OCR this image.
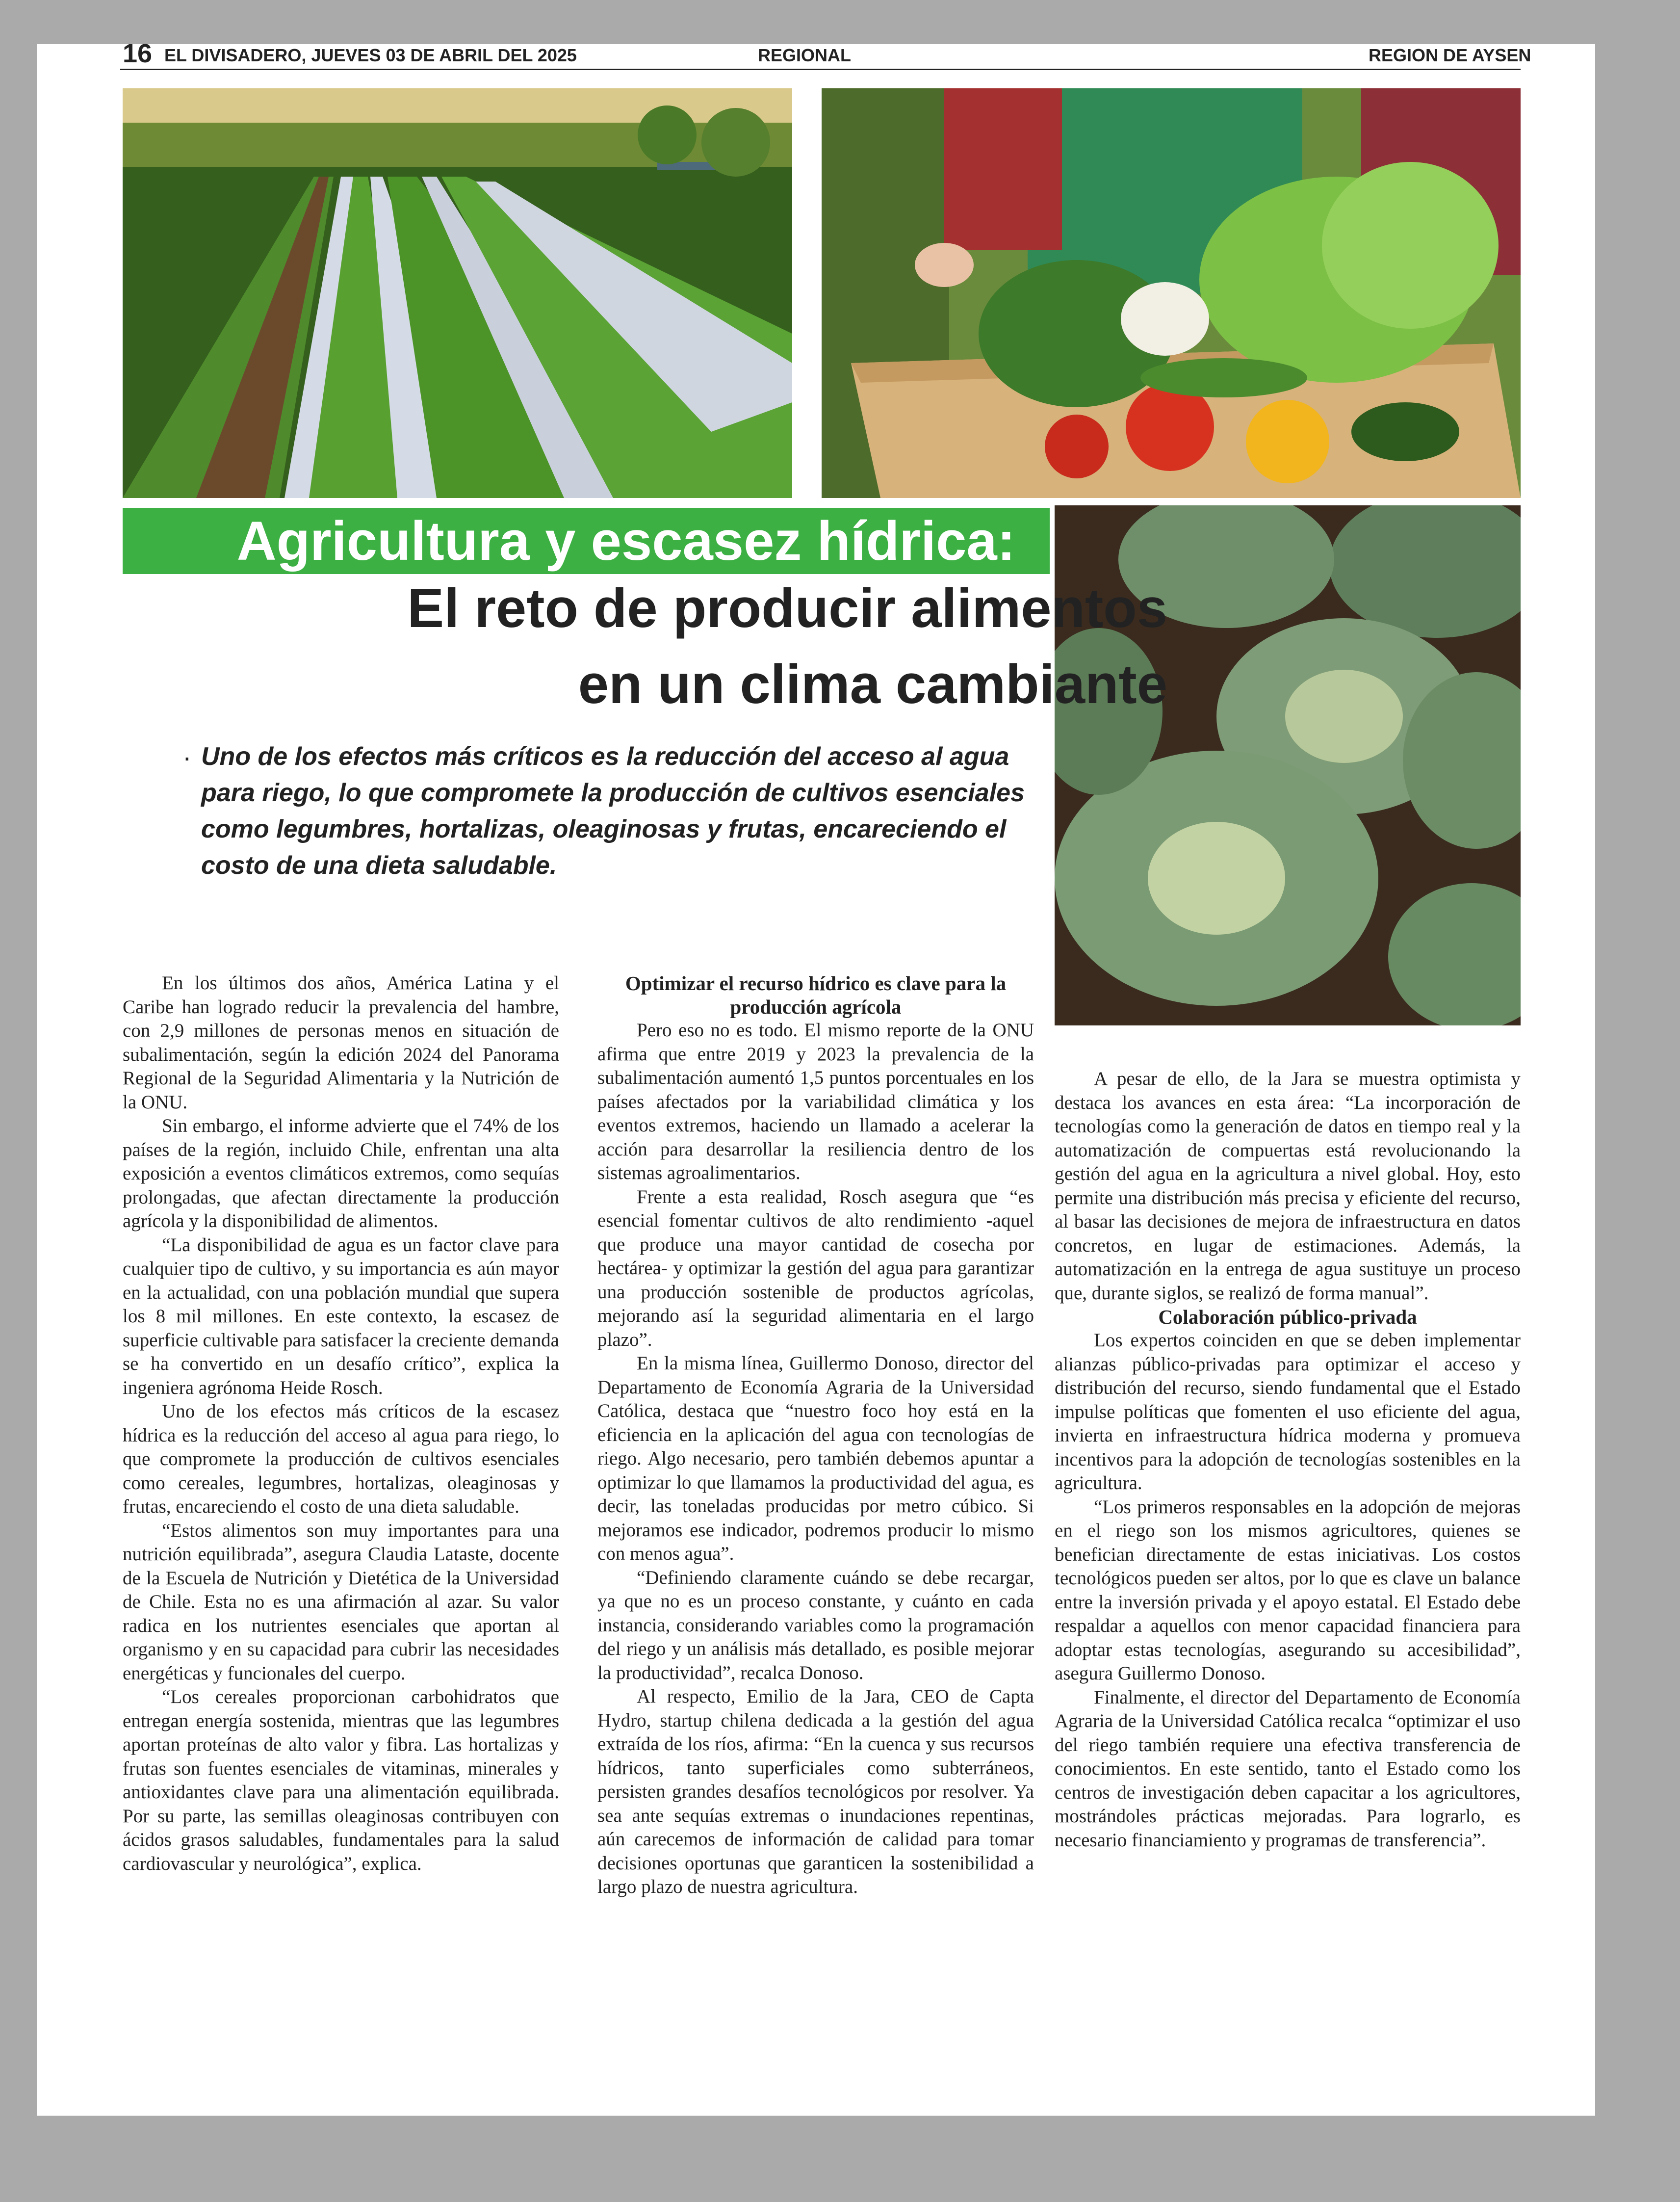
16 EL DIVISADERO, JUEVES 03 DE ABRIL DEL 2025	REGIONAL	REGION DE AYSEN
Agricultura y escasez hídrica:
El reto de producir alimentos
en un clima cambiante
· Uno de los efectos más críticos es la reducción del acceso al agua para riego, lo que compromete la producción de cultivos esenciales como legumbres, hortalizas, oleaginosas y frutas, encareciendo el costo de una dieta saludable.

En los últimos dos años, América Latina y el Caribe han logrado reducir la prevalencia del hambre, con 2,9 millones de personas menos en situación de subalimentación, según la edición 2024 del Panorama Regional de la Seguridad Alimentaria y la Nutrición de la ONU.

Sin embargo, el informe advierte que el 74% de los países de la región, incluido Chile, enfrentan una alta exposición a eventos climáticos extremos, como sequías prolongadas, que afectan directamente la producción agrícola y la disponibilidad de alimentos.

“La disponibilidad de agua es un factor clave para cualquier tipo de cultivo, y su importancia es aún mayor en la actualidad, con una población mundial que supera los 8 mil millones. En este contexto, la escasez de superficie cultivable para satisfacer la creciente demanda se ha convertido en un desafío crítico”, explica la ingeniera agrónoma Heide Rosch.

Uno de los efectos más críticos de la escasez hídrica es la reducción del acceso al agua para riego, lo que compromete la producción de cultivos esenciales como cereales, legumbres, hortalizas, oleaginosas y frutas, encareciendo el costo de una dieta saludable.

“Estos alimentos son muy importantes para una nutrición equilibrada”, asegura Claudia Lataste, docente de la Escuela de Nutrición y Dietética de la Universidad de Chile. Esta no es una afirmación al azar. Su valor radica en los nutrientes esenciales que aportan al organismo y en su capacidad para cubrir las necesidades energéticas y funcionales del cuerpo.

“Los cereales proporcionan carbohidratos que entregan energía sostenida, mientras que las legumbres aportan proteínas de alto valor y fibra. Las hortalizas y frutas son fuentes esenciales de vitaminas, minerales y antioxidantes clave para una alimentación equilibrada. Por su parte, las semillas oleaginosas contribuyen con ácidos grasos saludables, fundamentales para la salud cardiovascular y neurológica”, explica.

Optimizar el recurso hídrico es clave para la producción agrícola

Pero eso no es todo. El mismo reporte de la ONU afirma que entre 2019 y 2023 la prevalencia de la subalimentación aumentó 1,5 puntos porcentuales en los países afectados por la variabilidad climática y los eventos extremos, haciendo un llamado a acelerar la acción para desarrollar la resiliencia dentro de los sistemas agroalimentarios.

Frente a esta realidad, Rosch asegura que “es esencial fomentar cultivos de alto rendimiento -aquel que produce una mayor cantidad de cosecha por hectárea- y optimizar la gestión del agua para garantizar una producción sostenible de productos agrícolas, mejorando así la seguridad alimentaria en el largo plazo”.

En la misma línea, Guillermo Donoso, director del Departamento de Economía Agraria de la Universidad Católica, destaca que “nuestro foco hoy está en la eficiencia en la aplicación del agua con tecnologías de riego. Algo necesario, pero también debemos apuntar a optimizar lo que llamamos la productividad del agua, es decir, las toneladas producidas por metro cúbico. Si mejoramos ese indicador, podremos producir lo mismo con menos agua”.

“Definiendo claramente cuándo se debe recargar, ya que no es un proceso constante, y cuánto en cada instancia, considerando variables como la programación del riego y un análisis más detallado, es posible mejorar la productividad”, recalca Donoso.

Al respecto, Emilio de la Jara, CEO de Capta Hydro, startup chilena dedicada a la gestión del agua extraída de los ríos, afirma: “En la cuenca y sus recursos hídricos, tanto superficiales como subterráneos, persisten grandes desafíos tecnológicos por resolver. Ya sea ante sequías extremas o inundaciones repentinas, aún carecemos de información de calidad para tomar decisiones oportunas que garanticen la sostenibilidad a largo plazo de nuestra agricultura.

A pesar de ello, de la Jara se muestra optimista y destaca los avances en esta área: “La incorporación de tecnologías como la generación de datos en tiempo real y la automatización de compuertas está revolucionando la gestión del agua en la agricultura a nivel global. Hoy, esto permite una distribución más precisa y eficiente del recurso, al basar las decisiones de mejora de infraestructura en datos concretos, en lugar de estimaciones. Además, la automatización en la entrega de agua sustituye un proceso que, durante siglos, se realizó de forma manual”.

Colaboración público-privada

Los expertos coinciden en que se deben implementar alianzas público-privadas para optimizar el acceso y distribución del recurso, siendo fundamental que el Estado impulse políticas que fomenten el uso eficiente del agua, invierta en infraestructura hídrica moderna y promueva incentivos para la adopción de tecnologías sostenibles en la agricultura.

“Los primeros responsables en la adopción de mejoras en el riego son los mismos agricultores, quienes se benefician directamente de estas iniciativas. Los costos tecnológicos pueden ser altos, por lo que es clave un balance entre la inversión privada y el apoyo estatal. El Estado debe respaldar a aquellos con menor capacidad financiera para adoptar estas tecnologías, asegurando su accesibilidad”, asegura Guillermo Donoso.

Finalmente, el director del Departamento de Economía Agraria de la Universidad Católica recalca “optimizar el uso del riego también requiere una efectiva transferencia de conocimientos. En este sentido, tanto el Estado como los centros de investigación deben capacitar a los agricultores, mostrándoles prácticas mejoradas. Para lograrlo, es necesario financiamiento y programas de transferencia”.
